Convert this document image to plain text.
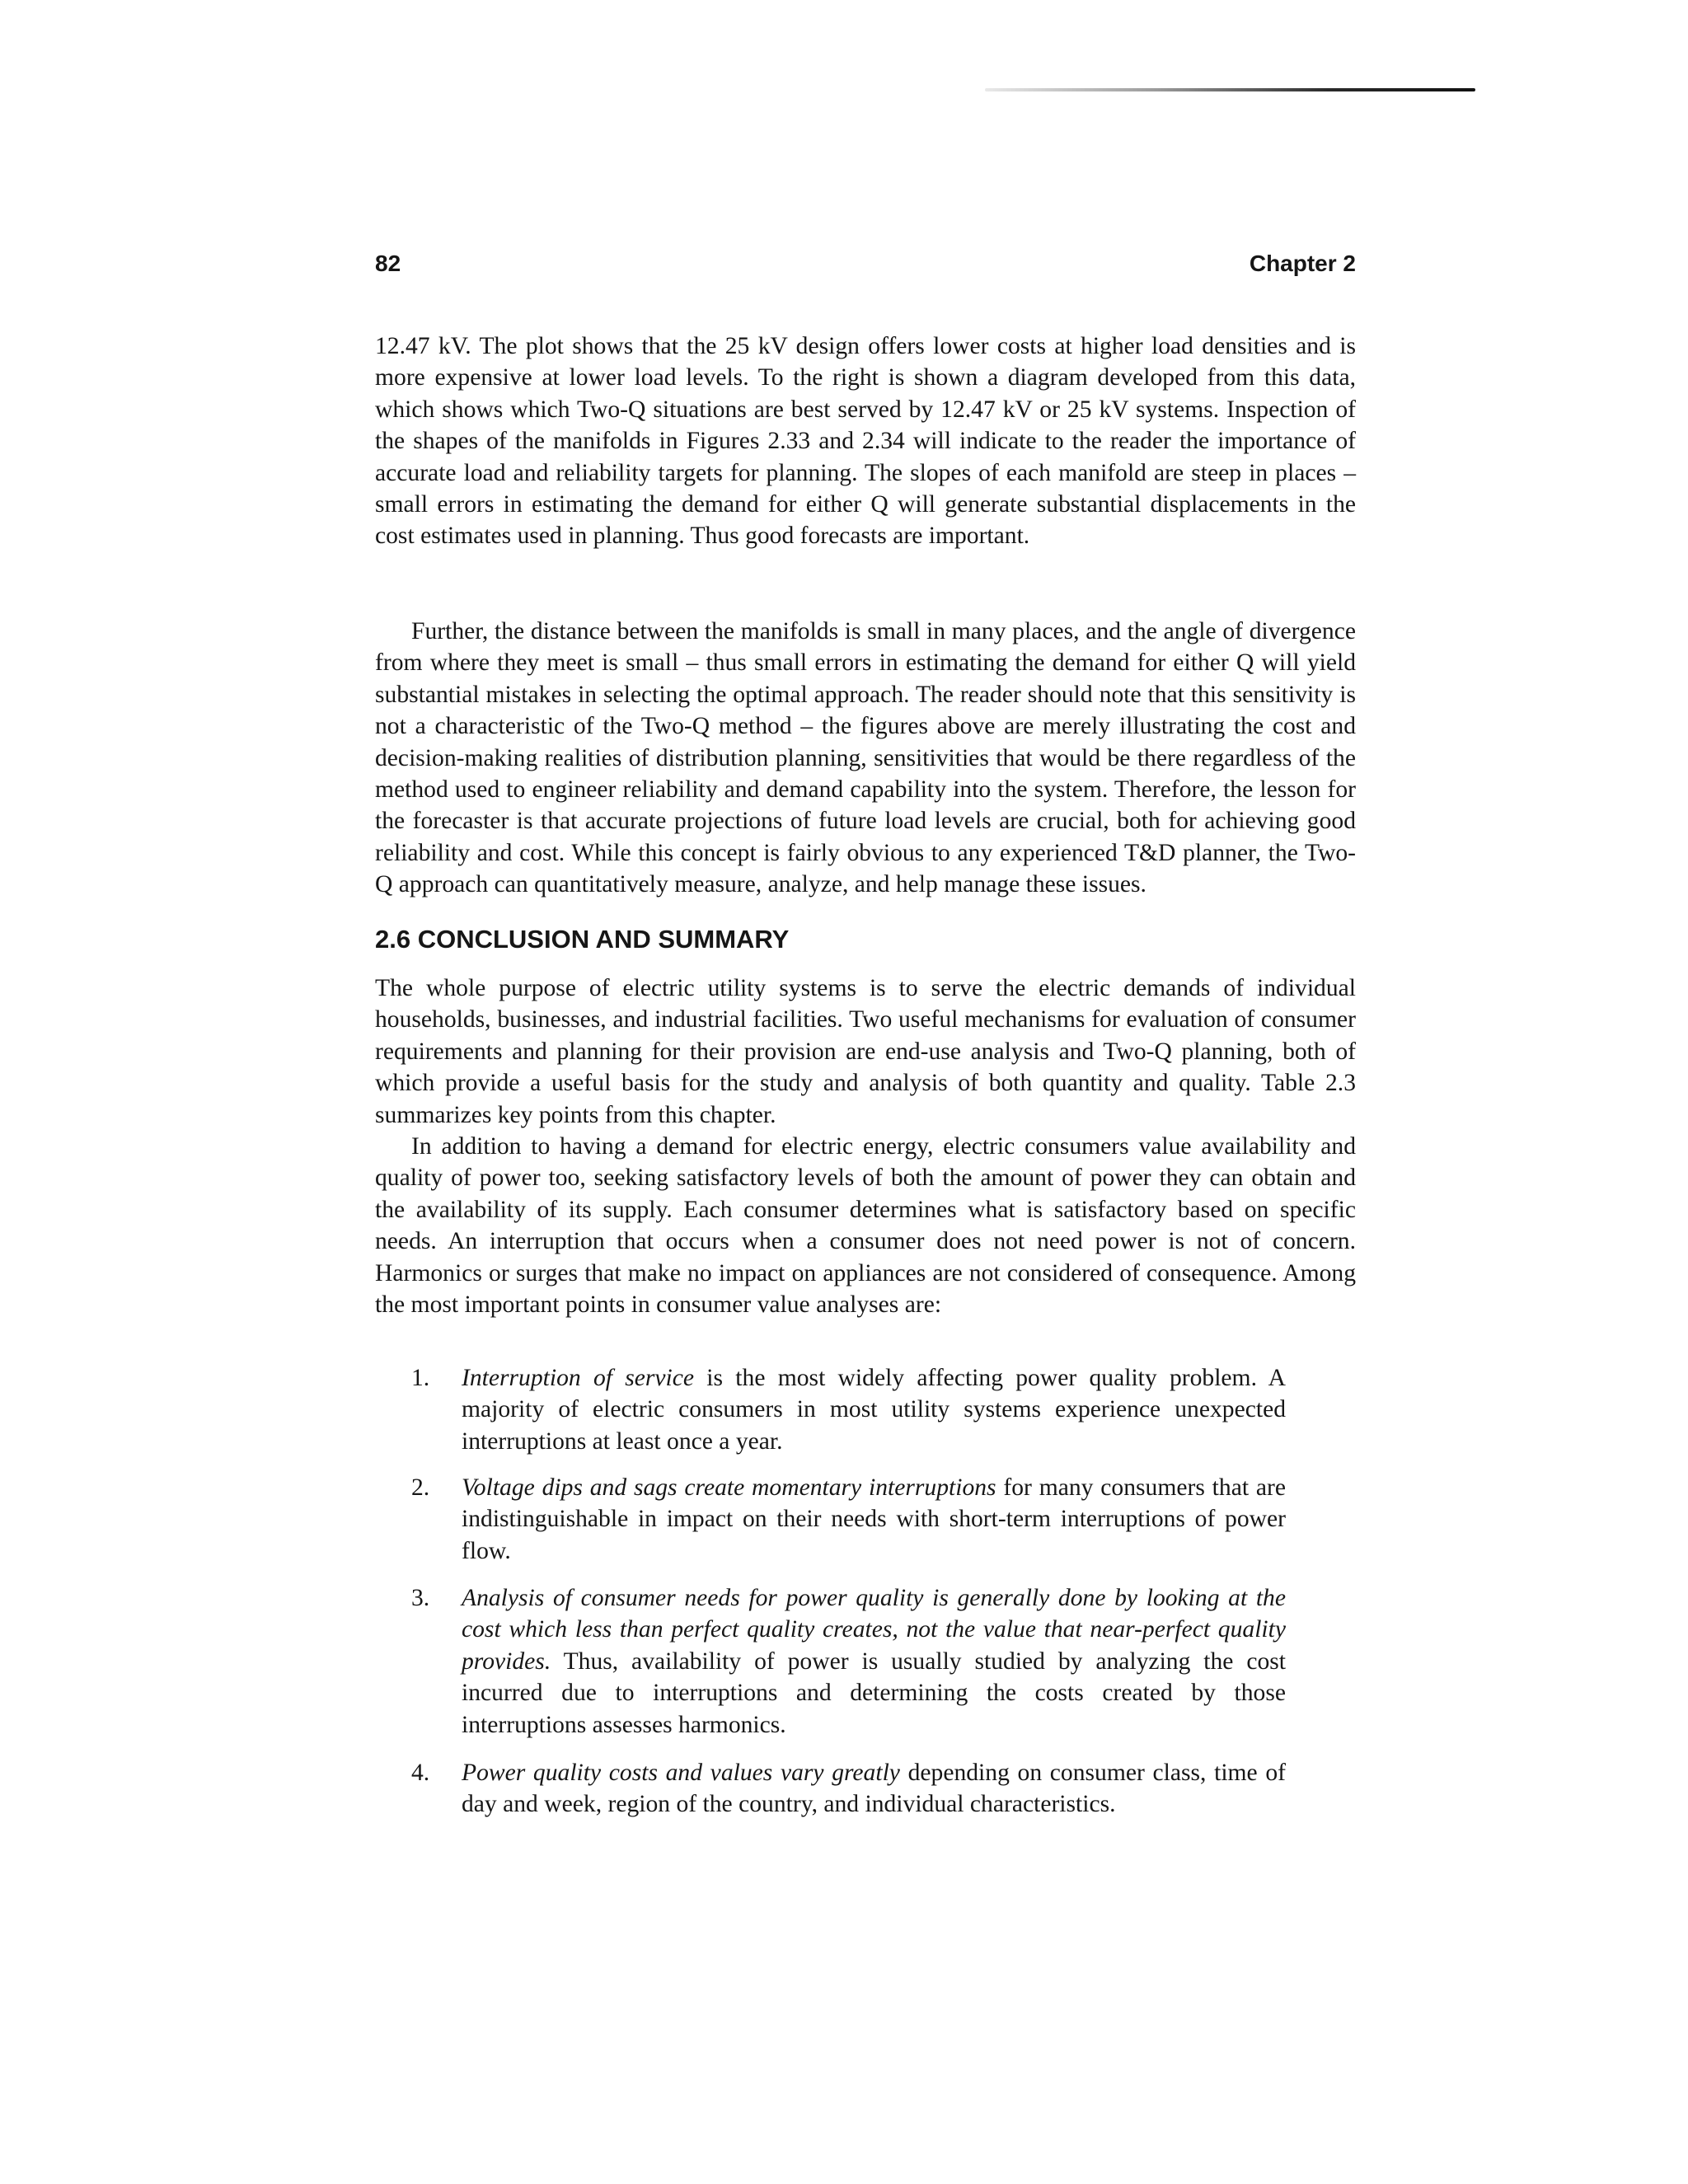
82	Chapter 2
12.47 kV. The plot shows that the 25 kV design offers lower costs at higher load densities and is more expensive at lower load levels. To the right is shown a diagram developed from this data, which shows which Two-Q situations are best served by 12.47 kV or 25 kV systems. Inspection of the shapes of the manifolds in Figures 2.33 and 2.34 will indicate to the reader the importance of accurate load and reliability targets for planning. The slopes of each manifold are steep in places – small errors in estimating the demand for either Q will generate substantial displacements in the cost estimates used in planning. Thus good forecasts are important.
Further, the distance between the manifolds is small in many places, and the angle of divergence from where they meet is small – thus small errors in estimating the demand for either Q will yield substantial mistakes in selecting the optimal approach. The reader should note that this sensitivity is not a characteristic of the Two-Q method – the figures above are merely illustrating the cost and decision-making realities of distribution planning, sensitivities that would be there regardless of the method used to engineer reliability and demand capability into the system. Therefore, the lesson for the forecaster is that accurate projections of future load levels are crucial, both for achieving good reliability and cost. While this concept is fairly obvious to any experienced T&D planner, the Two-Q approach can quantitatively measure, analyze, and help manage these issues.
2.6 CONCLUSION AND SUMMARY
The whole purpose of electric utility systems is to serve the electric demands of individual households, businesses, and industrial facilities. Two useful mechanisms for evaluation of consumer requirements and planning for their provision are end-use analysis and Two-Q planning, both of which provide a useful basis for the study and analysis of both quantity and quality. Table 2.3 summarizes key points from this chapter.
In addition to having a demand for electric energy, electric consumers value availability and quality of power too, seeking satisfactory levels of both the amount of power they can obtain and the availability of its supply. Each consumer determines what is satisfactory based on specific needs. An interruption that occurs when a consumer does not need power is not of concern. Harmonics or surges that make no impact on appliances are not considered of consequence. Among the most important points in consumer value analyses are:
1. Interruption of service is the most widely affecting power quality problem. A majority of electric consumers in most utility systems experience unexpected interruptions at least once a year.
2. Voltage dips and sags create momentary interruptions for many consumers that are indistinguishable in impact on their needs with short-term interruptions of power flow.
3. Analysis of consumer needs for power quality is generally done by looking at the cost which less than perfect quality creates, not the value that near-perfect quality provides. Thus, availability of power is usually studied by analyzing the cost incurred due to interruptions and determining the costs created by those interruptions assesses harmonics.
4. Power quality costs and values vary greatly depending on consumer class, time of day and week, region of the country, and individual characteristics.
